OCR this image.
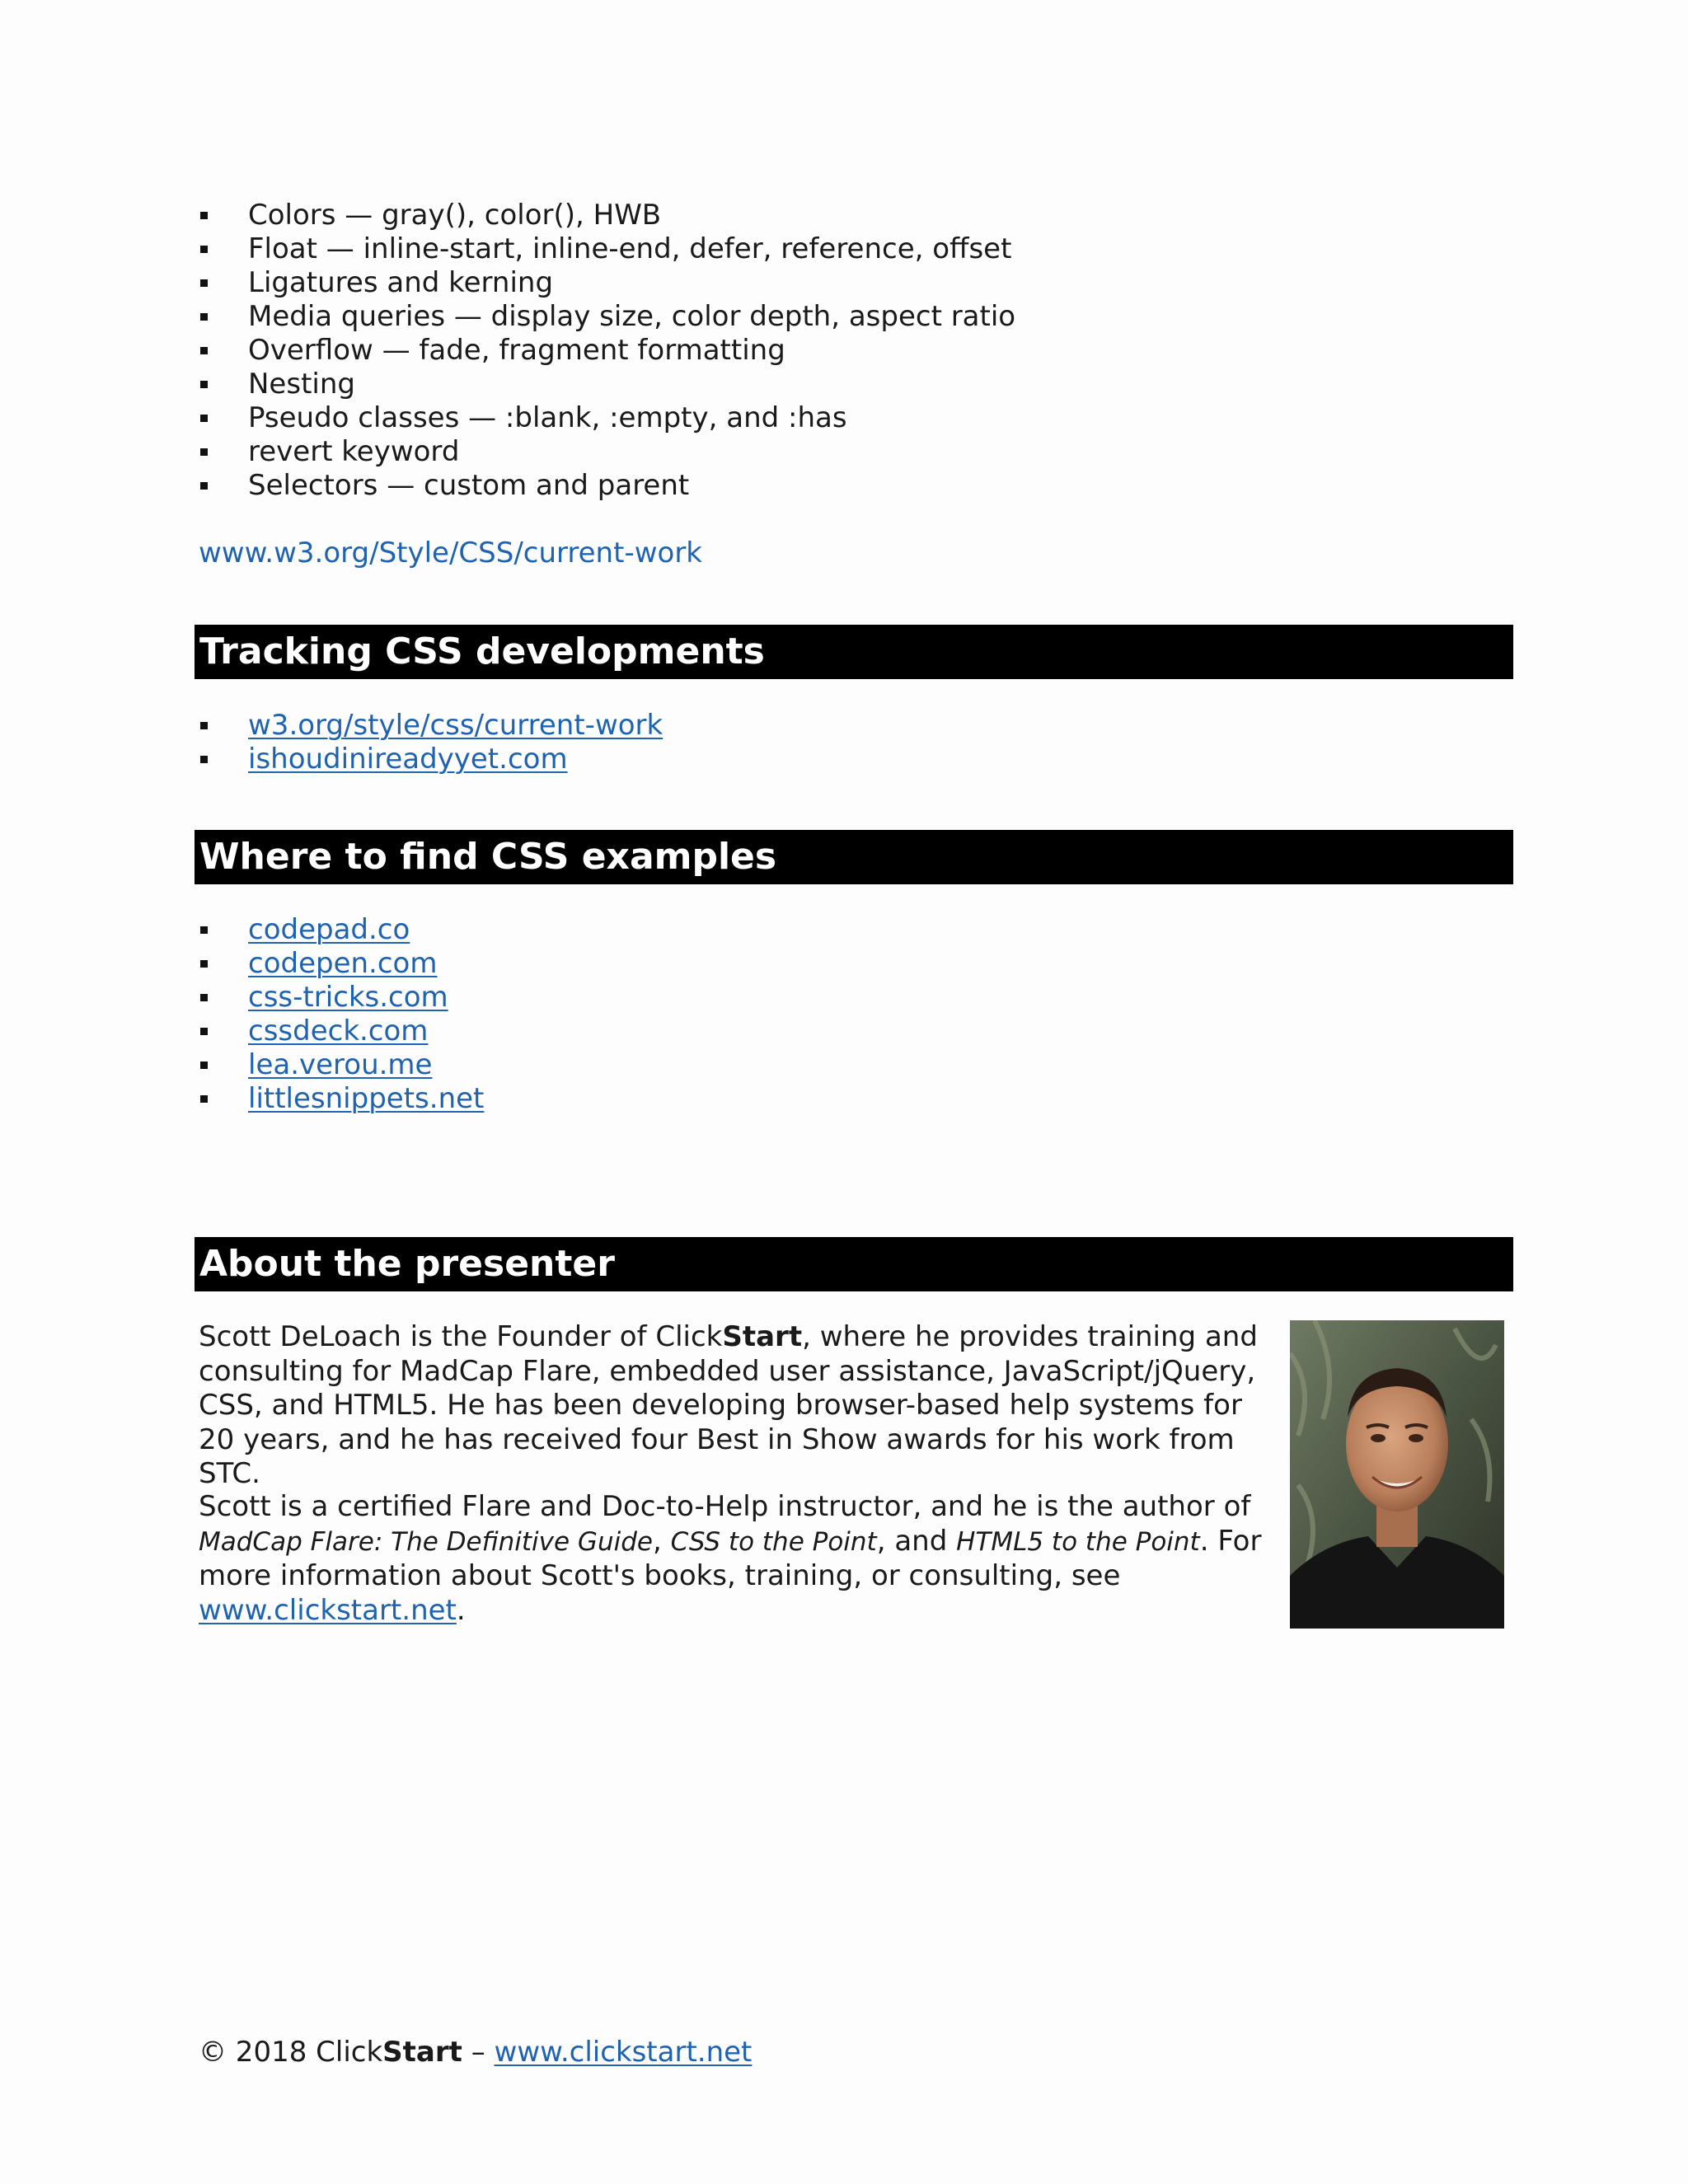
Colors — gray(), color(), HWB
Float — inline-start, inline-end, defer, reference, offset
Ligatures and kerning
Media queries — display size, color depth, aspect ratio
Overflow — fade, fragment formatting
Nesting
Pseudo classes — :blank, :empty, and :has
revert keyword
Selectors — custom and parent
www.w3.org/Style/CSS/current-work
Tracking CSS developments
w3.org/style/css/current-work
ishoudinireadyyet.com
Where to find CSS examples
codepad.co
codepen.com
css-tricks.com
cssdeck.com
lea.verou.me
littlesnippets.net
About the presenter
Scott DeLoach is the Founder of ClickStart, where he provides training and consulting for MadCap Flare, embedded user assistance, JavaScript/jQuery, CSS, and HTML5. He has been developing browser-based help systems for 20 years, and he has received four Best in Show awards for his work from STC.
Scott is a certified Flare and Doc-to-Help instructor, and he is the author of MadCap Flare: The Definitive Guide, CSS to the Point, and HTML5 to the Point. For more information about Scott's books, training, or consulting, see www.clickstart.net.
© 2018 ClickStart – www.clickstart.net
